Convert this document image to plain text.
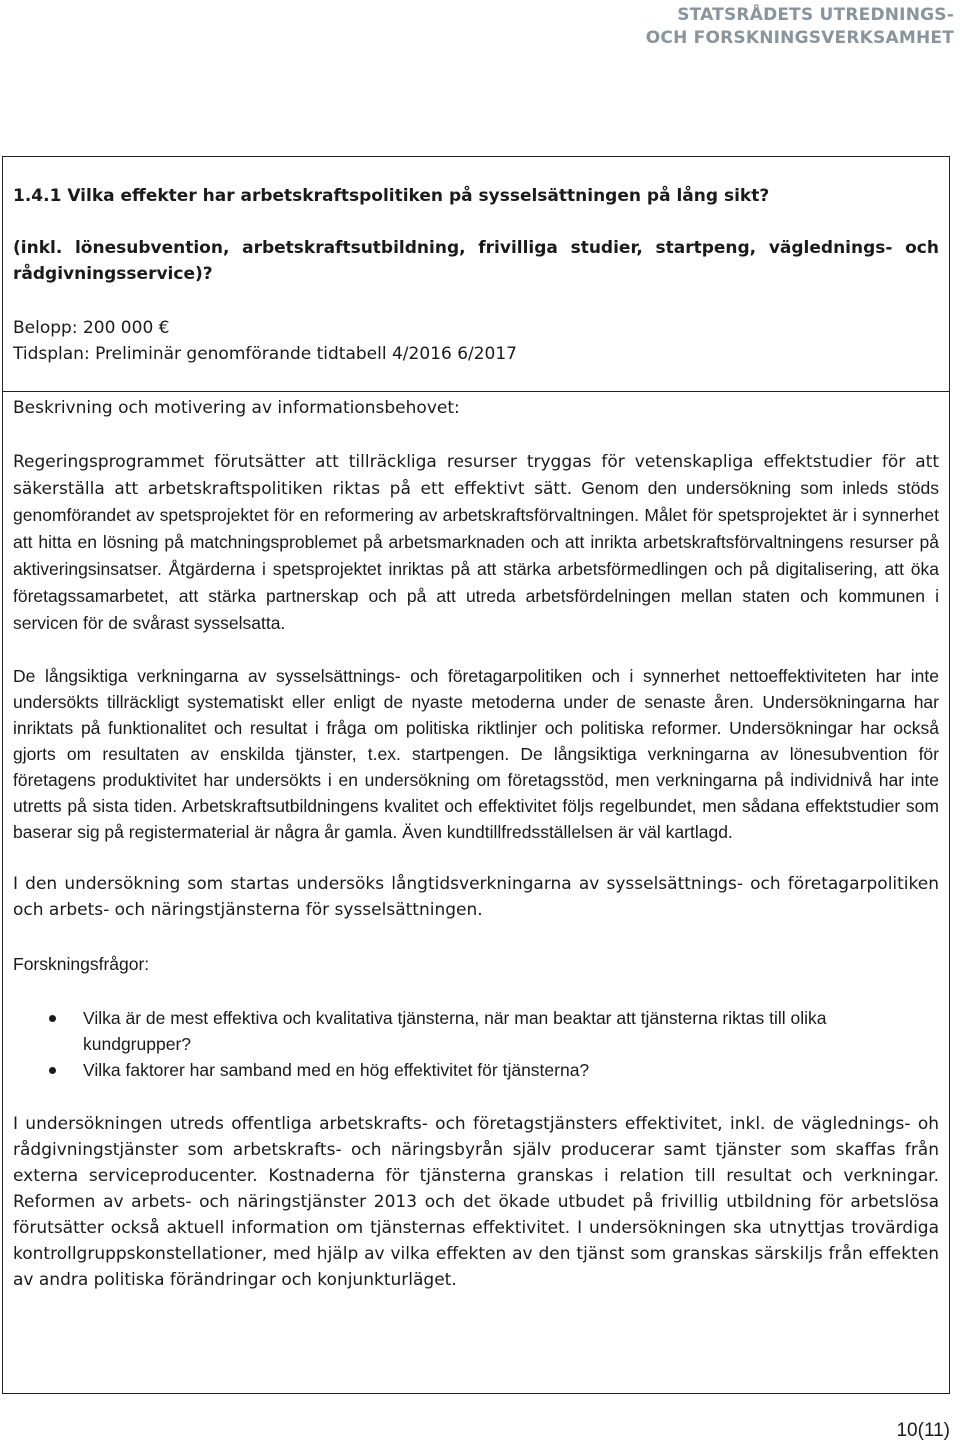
STATSRÅDETS UTREDNINGS-
OCH FORSKNINGSVERKSAMHET

1.4.1 Vilka effekter har arbetskraftspolitiken på sysselsättningen på lång sikt?

(inkl. lönesubvention, arbetskraftsutbildning, frivilliga studier, startpeng, väglednings- och rådgivningsservice)?

Belopp: 200 000 €

Tidsplan: Preliminär genomförande tidtabell 4/2016 6/2017

Beskrivning och motivering av informationsbehovet:

Regeringsprogrammet förutsätter att tillräckliga resurser tryggas för vetenskapliga effektstudier för att säkerställa att arbetskraftspolitiken riktas på ett effektivt sätt. Genom den undersökning som inleds stöds genomförandet av spetsprojektet för en reformering av arbetskraftsförvaltningen. Målet för spetsprojektet är i synnerhet att hitta en lösning på matchningsproblemet på arbetsmarknaden och att inrikta arbetskraftsförvaltningens resurser på aktiveringsinsatser. Åtgärderna i spetsprojektet inriktas på att stärka arbetsförmedlingen och på digitalisering, att öka företagssamarbetet, att stärka partnerskap och på att utreda arbetsfördelningen mellan staten och kommunen i servicen för de svårast sysselsatta.

De långsiktiga verkningarna av sysselsättnings- och företagarpolitiken och i synnerhet nettoeffektiviteten har inte undersökts tillräckligt systematiskt eller enligt de nyaste metoderna under de senaste åren. Undersökningarna har inriktats på funktionalitet och resultat i fråga om politiska riktlinjer och politiska reformer. Undersökningar har också gjorts om resultaten av enskilda tjänster, t.ex. startpengen. De långsiktiga verkningarna av lönesubvention för företagens produktivitet har undersökts i en undersökning om företagsstöd, men verkningarna på individnivå har inte utretts på sista tiden. Arbetskraftsutbildningens kvalitet och effektivitet följs regelbundet, men sådana effektstudier som baserar sig på registermaterial är några år gamla. Även kundtillfredsställelsen är väl kartlagd.

I den undersökning som startas undersöks långtidsverkningarna av sysselsättnings- och företagarpolitiken och arbets- och näringstjänsterna för sysselsättningen.

Forskningsfrågor:

Vilka är de mest effektiva och kvalitativa tjänsterna, när man beaktar att tjänsterna riktas till olika kundgrupper?
Vilka faktorer har samband med en hög effektivitet för tjänsterna?

I undersökningen utreds offentliga arbetskrafts- och företagstjänsters effektivitet, inkl. de väglednings- oh rådgivningstjänster som arbetskrafts- och näringsbyrån själv producerar samt tjänster som skaffas från externa serviceproducenter. Kostnaderna för tjänsterna granskas i relation till resultat och verkningar. Reformen av arbets- och näringstjänster 2013 och det ökade utbudet på frivillig utbildning för arbetslösa förutsätter också aktuell information om tjänsternas effektivitet. I undersökningen ska utnyttjas trovärdiga kontrollgruppskonstellationer, med hjälp av vilka effekten av den tjänst som granskas särskiljs från effekten av andra politiska förändringar och konjunkturläget.

10(11)
